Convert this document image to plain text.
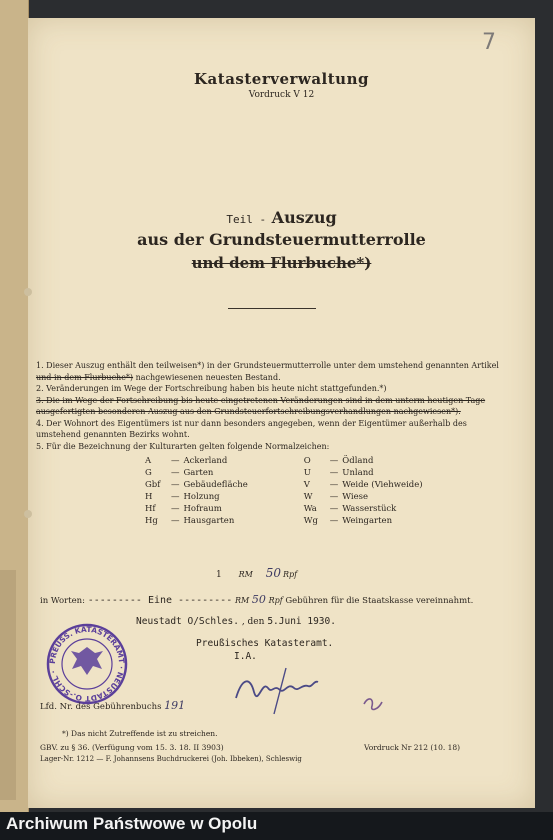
7
Katasterverwaltung
Vordruck V 12
Teil - Auszug
aus der Grundsteuermutterrolle
und dem Flurbuche*)
1. Dieser Auszug enthält den teilweisen*) in der Grundsteuermutterrolle unter dem umstehend genannten Artikel und in dem Flurbuche*) nachgewiesenen neuesten Bestand.
2. Veränderungen im Wege der Fortschreibung haben bis heute nicht stattgefunden.*)
3. Die im Wege der Fortschreibung bis heute eingetretenen Veränderungen sind in dem unterm heutigen Tage ausgefertigten besonderen Auszug aus den Grundsteuerfortschreibungsverhandlungen nachgewiesen*).
4. Der Wohnort des Eigentümers ist nur dann besonders angegeben, wenn der Eigentümer außerhalb des umstehend genannten Bezirks wohnt.
5. Für die Bezeichnung der Kulturarten gelten folgende Normalzeichen:
A	—	Ackerland		O	—	Ödland
G	—	Garten		U	—	Unland
Gbf	—	Gebäudefläche		V	—	Weide (Viehweide)
H	—	Holzung		W	—	Wiese
Hf	—	Hofraum		Wa	—	Wasserstück
Hg	—	Hausgarten		Wg	—	Weingarten
1 RM 50 Rpf
in Worten: --------- Eine --------- RM 50 Rpf Gebühren für die Staatskasse vereinnahmt.
Neustadt O/Schles. , den 5.Juni 1930.
Preußisches Katasteramt.
I.A.
PREUSS. KATASTERAMT · NEUSTADT O.-SCHL ·
Lfd. Nr. des Gebührenbuchs 191
*) Das nicht Zutreffende ist zu streichen.
GBV. zu § 36. (Verfügung vom 15. 3. 18. II 3903)
Lager-Nr. 1212 — F. Johannsens Buchdruckerei (Joh. Ibbeken), Schleswig
Vordruck Nr 212 (10. 18)
Archiwum Państwowe w Opolu
